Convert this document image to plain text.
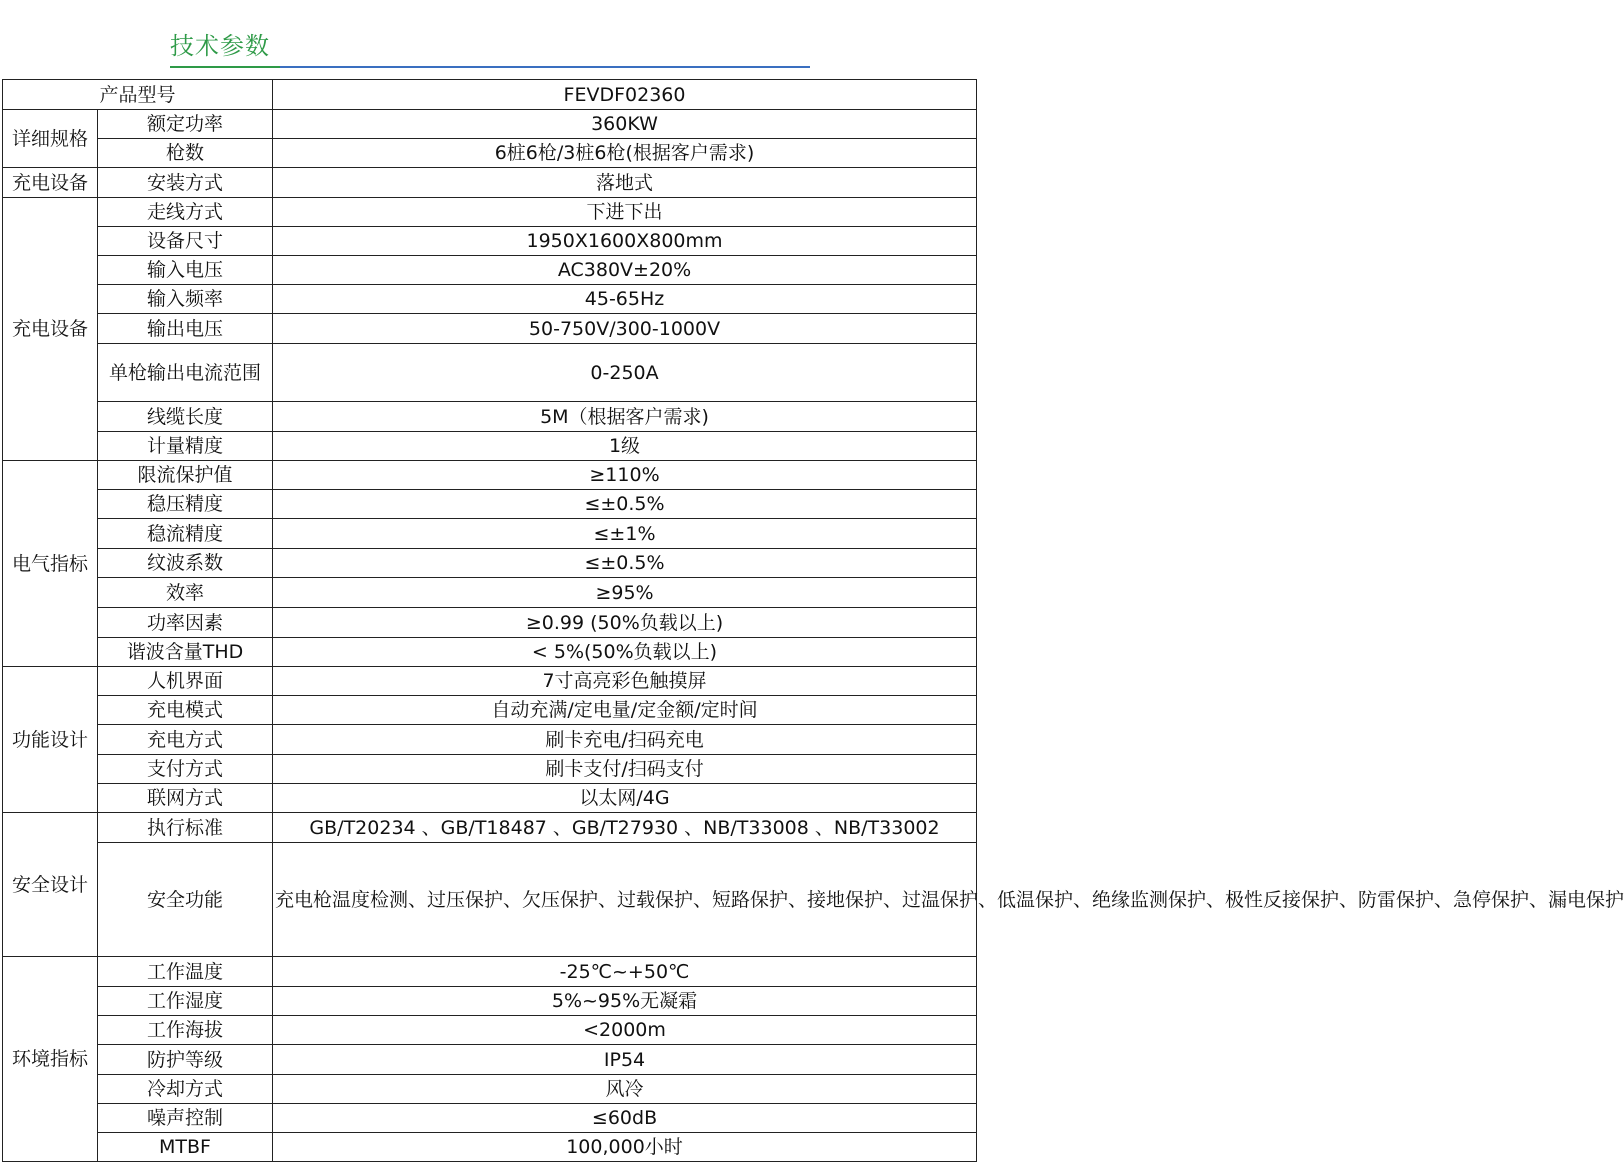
技术参数
产品型号		FEVDF02360
详细规格	额定功率	360KW
	枪数	6桩6枪/3桩6枪(根据客户需求)
充电设备	安装方式	落地式
充电设备	走线方式	下进下出
	设备尺寸	1950X1600X800mm
	输入电压	AC380V±20%
	输入频率	45-65Hz
	输出电压	50-750V/300-1000V
	单枪输出电流范围	0-250A
	线缆长度	5M（根据客户需求)
	计量精度	1级
电气指标	限流保护值	≥110%
	稳压精度	≤±0.5%
	稳流精度	≤±1%
	纹波系数	≤±0.5%
	效率	≥95%
	功率因素	≥0.99 (50%负载以上)
	谐波含量THD	< 5%(50%负载以上)
功能设计	人机界面	7寸高亮彩色触摸屏
	充电模式	自动充满/定电量/定金额/定时间
	充电方式	刷卡充电/扫码充电
	支付方式	刷卡支付/扫码支付
	联网方式	以太网/4G
安全设计	执行标准	GB/T20234 、GB/T18487 、GB/T27930 、NB/T33008 、NB/T33002
	安全功能	充电枪温度检测、过压保护、欠压保护、过载保护、短路保护、接地保护、过温保护、低温保护、绝缘监测保护、极性反接保护、防雷保护、急停保护、漏电保护
环境指标	工作温度	-25℃~+50℃
	工作湿度	5%~95%无凝霜
	工作海拔	<2000m
	防护等级	IP54
	冷却方式	风冷
	噪声控制	≤60dB
	MTBF	100,000小时
